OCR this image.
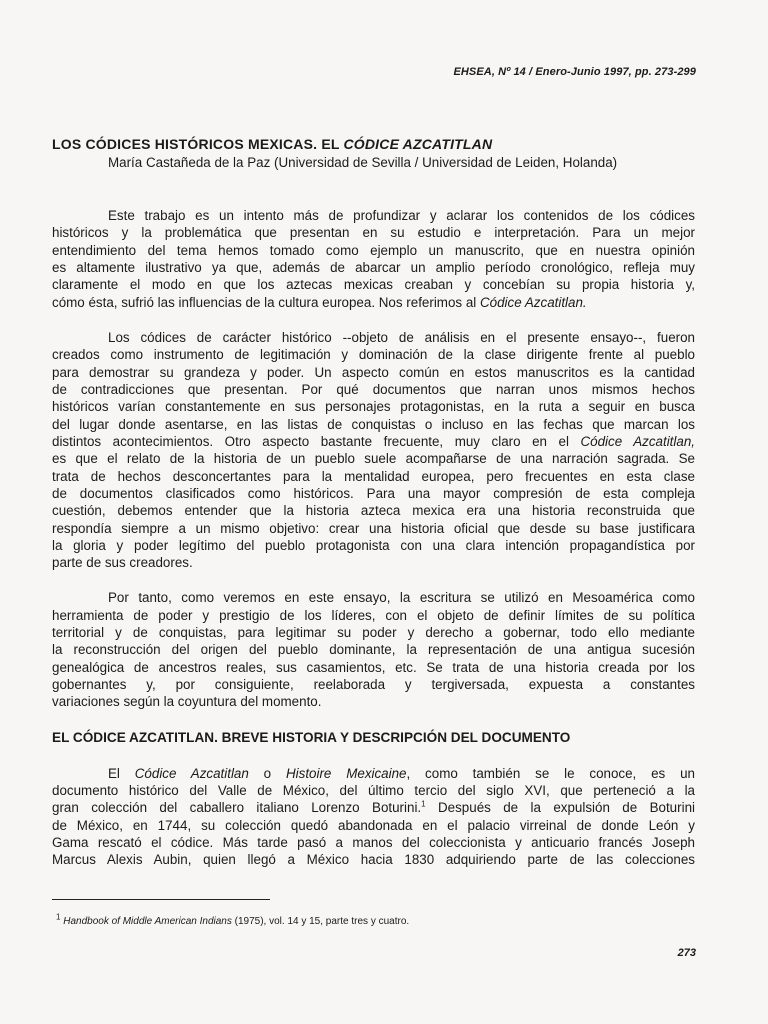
EHSEA, Nº 14 / Enero-Junio 1997, pp. 273-299
LOS CÓDICES HISTÓRICOS MEXICAS. EL CÓDICE AZCATITLAN
María Castañeda de la Paz (Universidad de Sevilla / Universidad de Leiden, Holanda)
Este trabajo es un intento más de profundizar y aclarar los contenidos de los códices
históricos y la problemática que presentan en su estudio e interpretación. Para un mejor
entendimiento del tema hemos tomado como ejemplo un manuscrito, que en nuestra opinión
es altamente ilustrativo ya que, además de abarcar un amplio período cronológico, refleja muy
claramente el modo en que los aztecas mexicas creaban y concebían su propia historia y,
cómo ésta, sufrió las influencias de la cultura europea. Nos referimos al Códice Azcatitlan.
Los códices de carácter histórico --objeto de análisis en el presente ensayo--, fueron
creados como instrumento de legitimación y dominación de la clase dirigente frente al pueblo
para demostrar su grandeza y poder. Un aspecto común en estos manuscritos es la cantidad
de contradicciones que presentan. Por qué documentos que narran unos mismos hechos
históricos varían constantemente en sus personajes protagonistas, en la ruta a seguir en busca
del lugar donde asentarse, en las listas de conquistas o incluso en las fechas que marcan los
distintos acontecimientos. Otro aspecto bastante frecuente, muy claro en el Códice Azcatitlan,
es que el relato de la historia de un pueblo suele acompañarse de una narración sagrada. Se
trata de hechos desconcertantes para la mentalidad europea, pero frecuentes en esta clase
de documentos clasificados como históricos. Para una mayor compresión de esta compleja
cuestión, debemos entender que la historia azteca mexica era una historia reconstruida que
respondía siempre a un mismo objetivo: crear una historia oficial que desde su base justificara
la gloria y poder legítimo del pueblo protagonista con una clara intención propagandística por
parte de sus creadores.
Por tanto, como veremos en este ensayo, la escritura se utilizó en Mesoamérica como
herramienta de poder y prestigio de los líderes, con el objeto de definir límites de su política
territorial y de conquistas, para legitimar su poder y derecho a gobernar, todo ello mediante
la reconstrucción del origen del pueblo dominante, la representación de una antigua sucesión
genealógica de ancestros reales, sus casamientos, etc. Se trata de una historia creada por los
gobernantes y, por consiguiente, reelaborada y tergiversada, expuesta a constantes
variaciones según la coyuntura del momento.
EL CÓDICE AZCATITLAN. BREVE HISTORIA Y DESCRIPCIÓN DEL DOCUMENTO
El Códice Azcatitlan o Histoire Mexicaine, como también se le conoce, es un
documento histórico del Valle de México, del último tercio del siglo XVI, que perteneció a la
gran colección del caballero italiano Lorenzo Boturini.$^1$ Después de la expulsión de Boturini
de México, en 1744, su colección quedó abandonada en el palacio virreinal de donde León y
Gama rescató el códice. Más tarde pasó a manos del coleccionista y anticuario francés Joseph
Marcus Alexis Aubin, quien llegó a México hacia 1830 adquiriendo parte de las colecciones
$^1$ Handbook of Middle American Indians (1975), vol. 14 y 15, parte tres y cuatro.
273
